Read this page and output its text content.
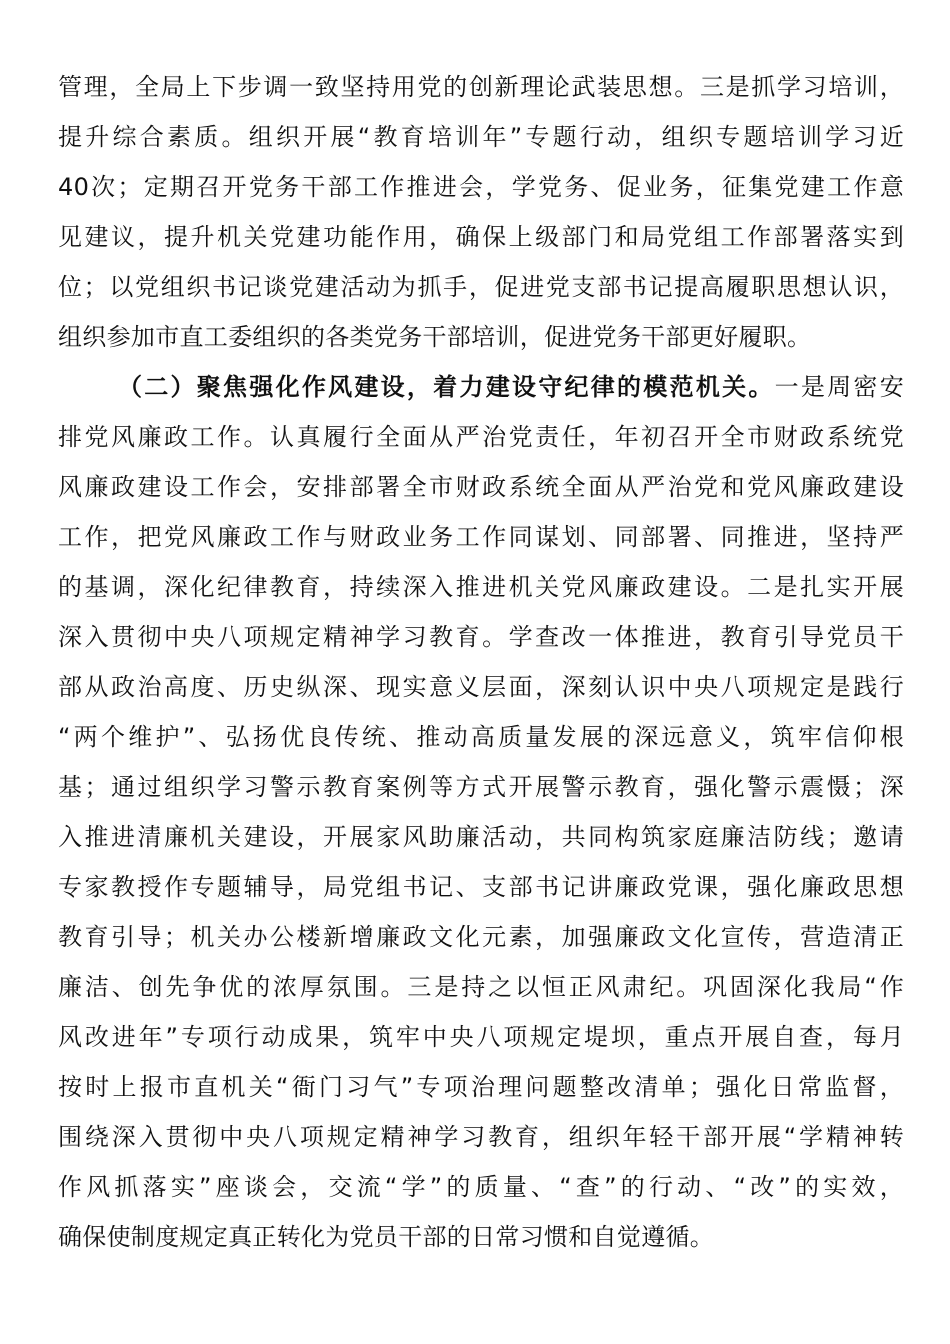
管理，全局上下步调一致坚持用党的创新理论武装思想。三是抓学习培训，
提升综合素质。组织开展“教育培训年”专题行动，组织专题培训学习近
40次；定期召开党务干部工作推进会，学党务、促业务，征集党建工作意
见建议，提升机关党建功能作用，确保上级部门和局党组工作部署落实到
位；以党组织书记谈党建活动为抓手，促进党支部书记提高履职思想认识，
组织参加市直工委组织的各类党务干部培训，促进党务干部更好履职。
（二）聚焦强化作风建设，着力建设守纪律的模范机关。一是周密安
排党风廉政工作。认真履行全面从严治党责任，年初召开全市财政系统党
风廉政建设工作会，安排部署全市财政系统全面从严治党和党风廉政建设
工作，把党风廉政工作与财政业务工作同谋划、同部署、同推进，坚持严
的基调，深化纪律教育，持续深入推进机关党风廉政建设。二是扎实开展
深入贯彻中央八项规定精神学习教育。学查改一体推进，教育引导党员干
部从政治高度、历史纵深、现实意义层面，深刻认识中央八项规定是践行
“两个维护”、弘扬优良传统、推动高质量发展的深远意义，筑牢信仰根
基；通过组织学习警示教育案例等方式开展警示教育，强化警示震慑；深
入推进清廉机关建设，开展家风助廉活动，共同构筑家庭廉洁防线；邀请
专家教授作专题辅导，局党组书记、支部书记讲廉政党课，强化廉政思想
教育引导；机关办公楼新增廉政文化元素，加强廉政文化宣传，营造清正
廉洁、创先争优的浓厚氛围。三是持之以恒正风肃纪。巩固深化我局“作
风改进年”专项行动成果，筑牢中央八项规定堤坝，重点开展自查，每月
按时上报市直机关“衙门习气”专项治理问题整改清单；强化日常监督，
围绕深入贯彻中央八项规定精神学习教育，组织年轻干部开展“学精神转
作风抓落实”座谈会，交流“学”的质量、“查”的行动、“改”的实效，
确保使制度规定真正转化为党员干部的日常习惯和自觉遵循。
